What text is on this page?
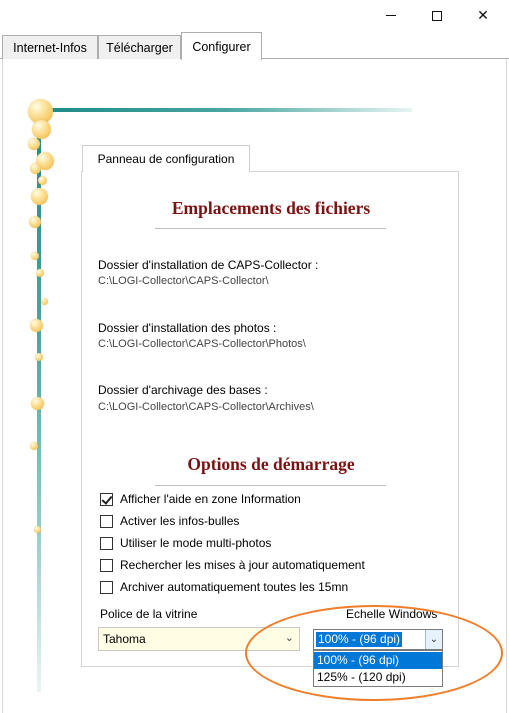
✕
Internet-Infos	Télécharger	Configurer
Panneau de configuration
Emplacements des fichiers
Dossier d'installation de CAPS-Collector :
C:\LOGI-Collector\CAPS-Collector\
Dossier d'installation des photos :
C:\LOGI-Collector\CAPS-Collector\Photos\
Dossier d'archivage des bases :
C:\LOGI-Collector\CAPS-Collector\Archives\
Options de démarrage
Afficher l'aide en zone Information
Activer les infos-bulles
Utiliser le mode multi-photos
Rechercher les mises à jour automatiquement
Archiver automatiquement toutes les 15mn
Police de la vitrine	Echelle Windows
Tahoma	⌄ 100% - (96 dpi)	⌄
100% - (96 dpi)
125% - (120 dpi)
